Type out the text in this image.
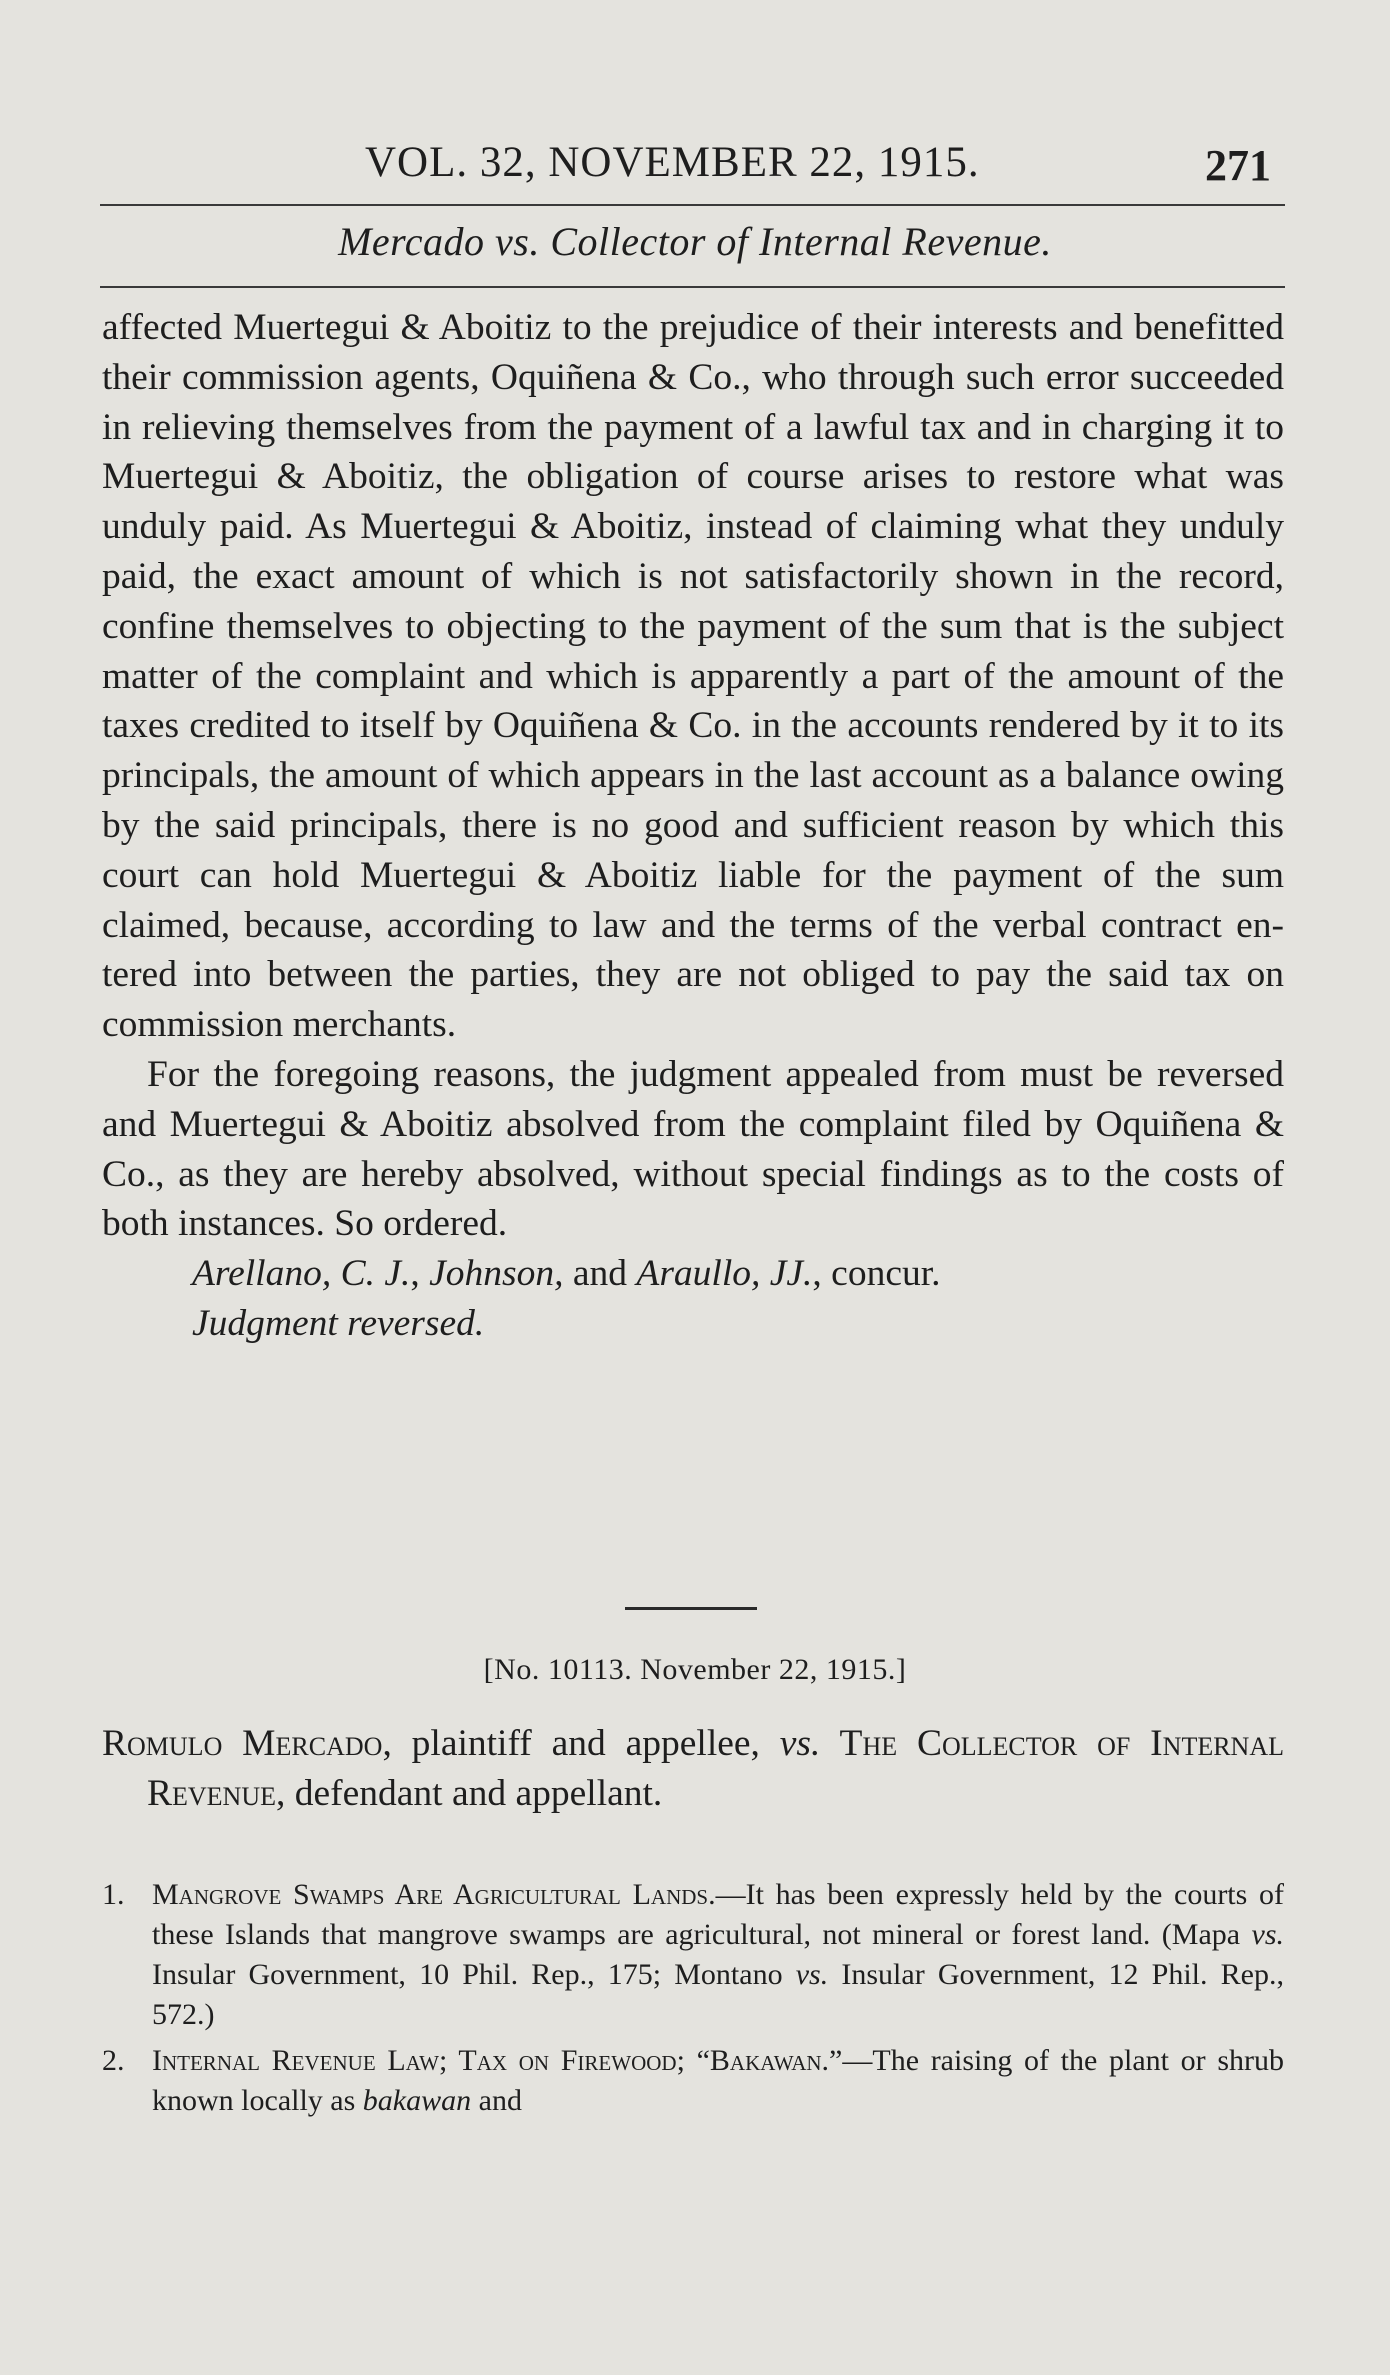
VOL. 32, NOVEMBER 22, 1915.	271
Mercado vs. Collector of Internal Revenue.

affected Muertegui & Aboitiz to the prejudice of their interests and benefitted their commission agents, Oquiñena & Co., who through such error succeeded in relieving themselves from the payment of a lawful tax and in charging it to Muertegui & Aboitiz, the obligation of course arises to restore what was unduly paid. As Muertegui & Aboitiz, instead of claiming what they unduly paid, the exact amount of which is not satisfactorily shown in the record, confine themselves to objecting to the payment of the sum that is the subject matter of the complaint and which is apparently a part of the amount of the taxes credited to itself by Oquiñena & Co. in the accounts rendered by it to its principals, the amount of which appears in the last account as a balance owing by the said principals, there is no good and sufficient reason by which this court can hold Muertegui & Aboitiz liable for the payment of the sum claimed, because, according to law and the terms of the verbal contract entered into between the parties, they are not obliged to pay the said tax on commission merchants.

For the foregoing reasons, the judgment appealed from must be reversed and Muertegui & Aboitiz absolved from the complaint filed by Oquiñena & Co., as they are hereby absolved, without special findings as to the costs of both instances. So ordered.

Arellano, C. J., Johnson, and Araullo, JJ., concur.

Judgment reversed.

[No. 10113. November 22, 1915.]
Romulo Mercado, plaintiff and appellee, vs. The Collector of Internal Revenue, defendant and appellant.
1. Mangrove Swamps Are Agricultural Lands.—It has been expressly held by the courts of these Islands that mangrove swamps are agricultural, not mineral or forest land. (Mapa vs. Insular Government, 10 Phil. Rep., 175; Montano vs. Insular Government, 12 Phil. Rep., 572.)
2. Internal Revenue Law; Tax on Firewood; “Bakawan.”—The raising of the plant or shrub known locally as bakawan and
